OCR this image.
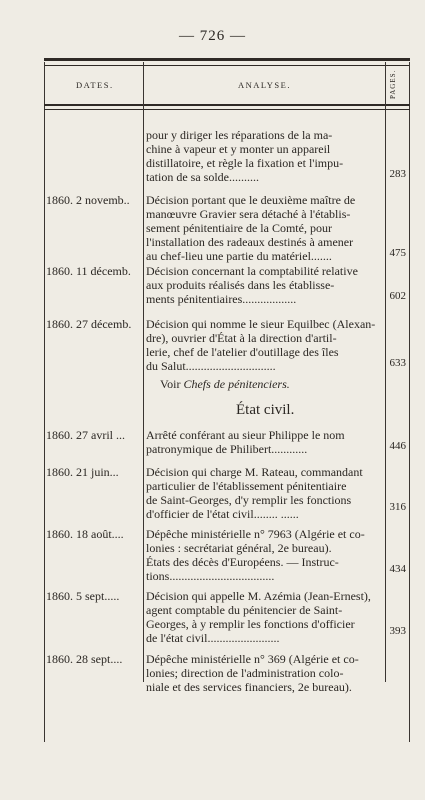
— 726 —
DATES.	ANALYSE.	PAGES.
pour y diriger les réparations de la ma-
chine à vapeur et y monter un appareil
distillatoire, et règle la fixation et l'impu-
tation de sa solde..........	283
1860. 2 novemb..	Décision portant que le deuxième maître de
manœuvre Gravier sera détaché à l'établis-
sement pénitentiaire de la Comté, pour
l'installation des radeaux destinés à amener
au chef-lieu une partie du matériel.......	475
1860. 11 décemb.	Décision concernant la comptabilité relative
aux produits réalisés dans les établisse-
ments pénitentiaires..................	602
1860. 27 décemb.	Décision qui nomme le sieur Equilbec (Alexan-
dre), ouvrier d'État à la direction d'artil-
lerie, chef de l'atelier d'outillage des îles
du Salut..............................	633
Voir Chefs de pénitenciers.
État civil.
1860. 27 avril ...	Arrêté conférant au sieur Philippe le nom
patronymique de Philibert............	446
1860. 21 juin...	Décision qui charge M. Rateau, commandant
particulier de l'établissement pénitentiaire
de Saint-Georges, d'y remplir les fonctions
d'officier de l'état civil........ ......	316
1860. 18 août....	Dépêche ministérielle n° 7963 (Algérie et co-
lonies : secrétariat général, 2e bureau).
États des décès d'Européens. — Instruc-
tions...................................	434
1860. 5 sept.....	Décision qui appelle M. Azémia (Jean-Ernest),
agent comptable du pénitencier de Saint-
Georges, à y remplir les fonctions d'officier
de l'état civil........................	393
1860. 28 sept....	Dépêche ministérielle n° 369 (Algérie et co-
lonies; direction de l'administration colo-
niale et des services financiers, 2e bureau).
